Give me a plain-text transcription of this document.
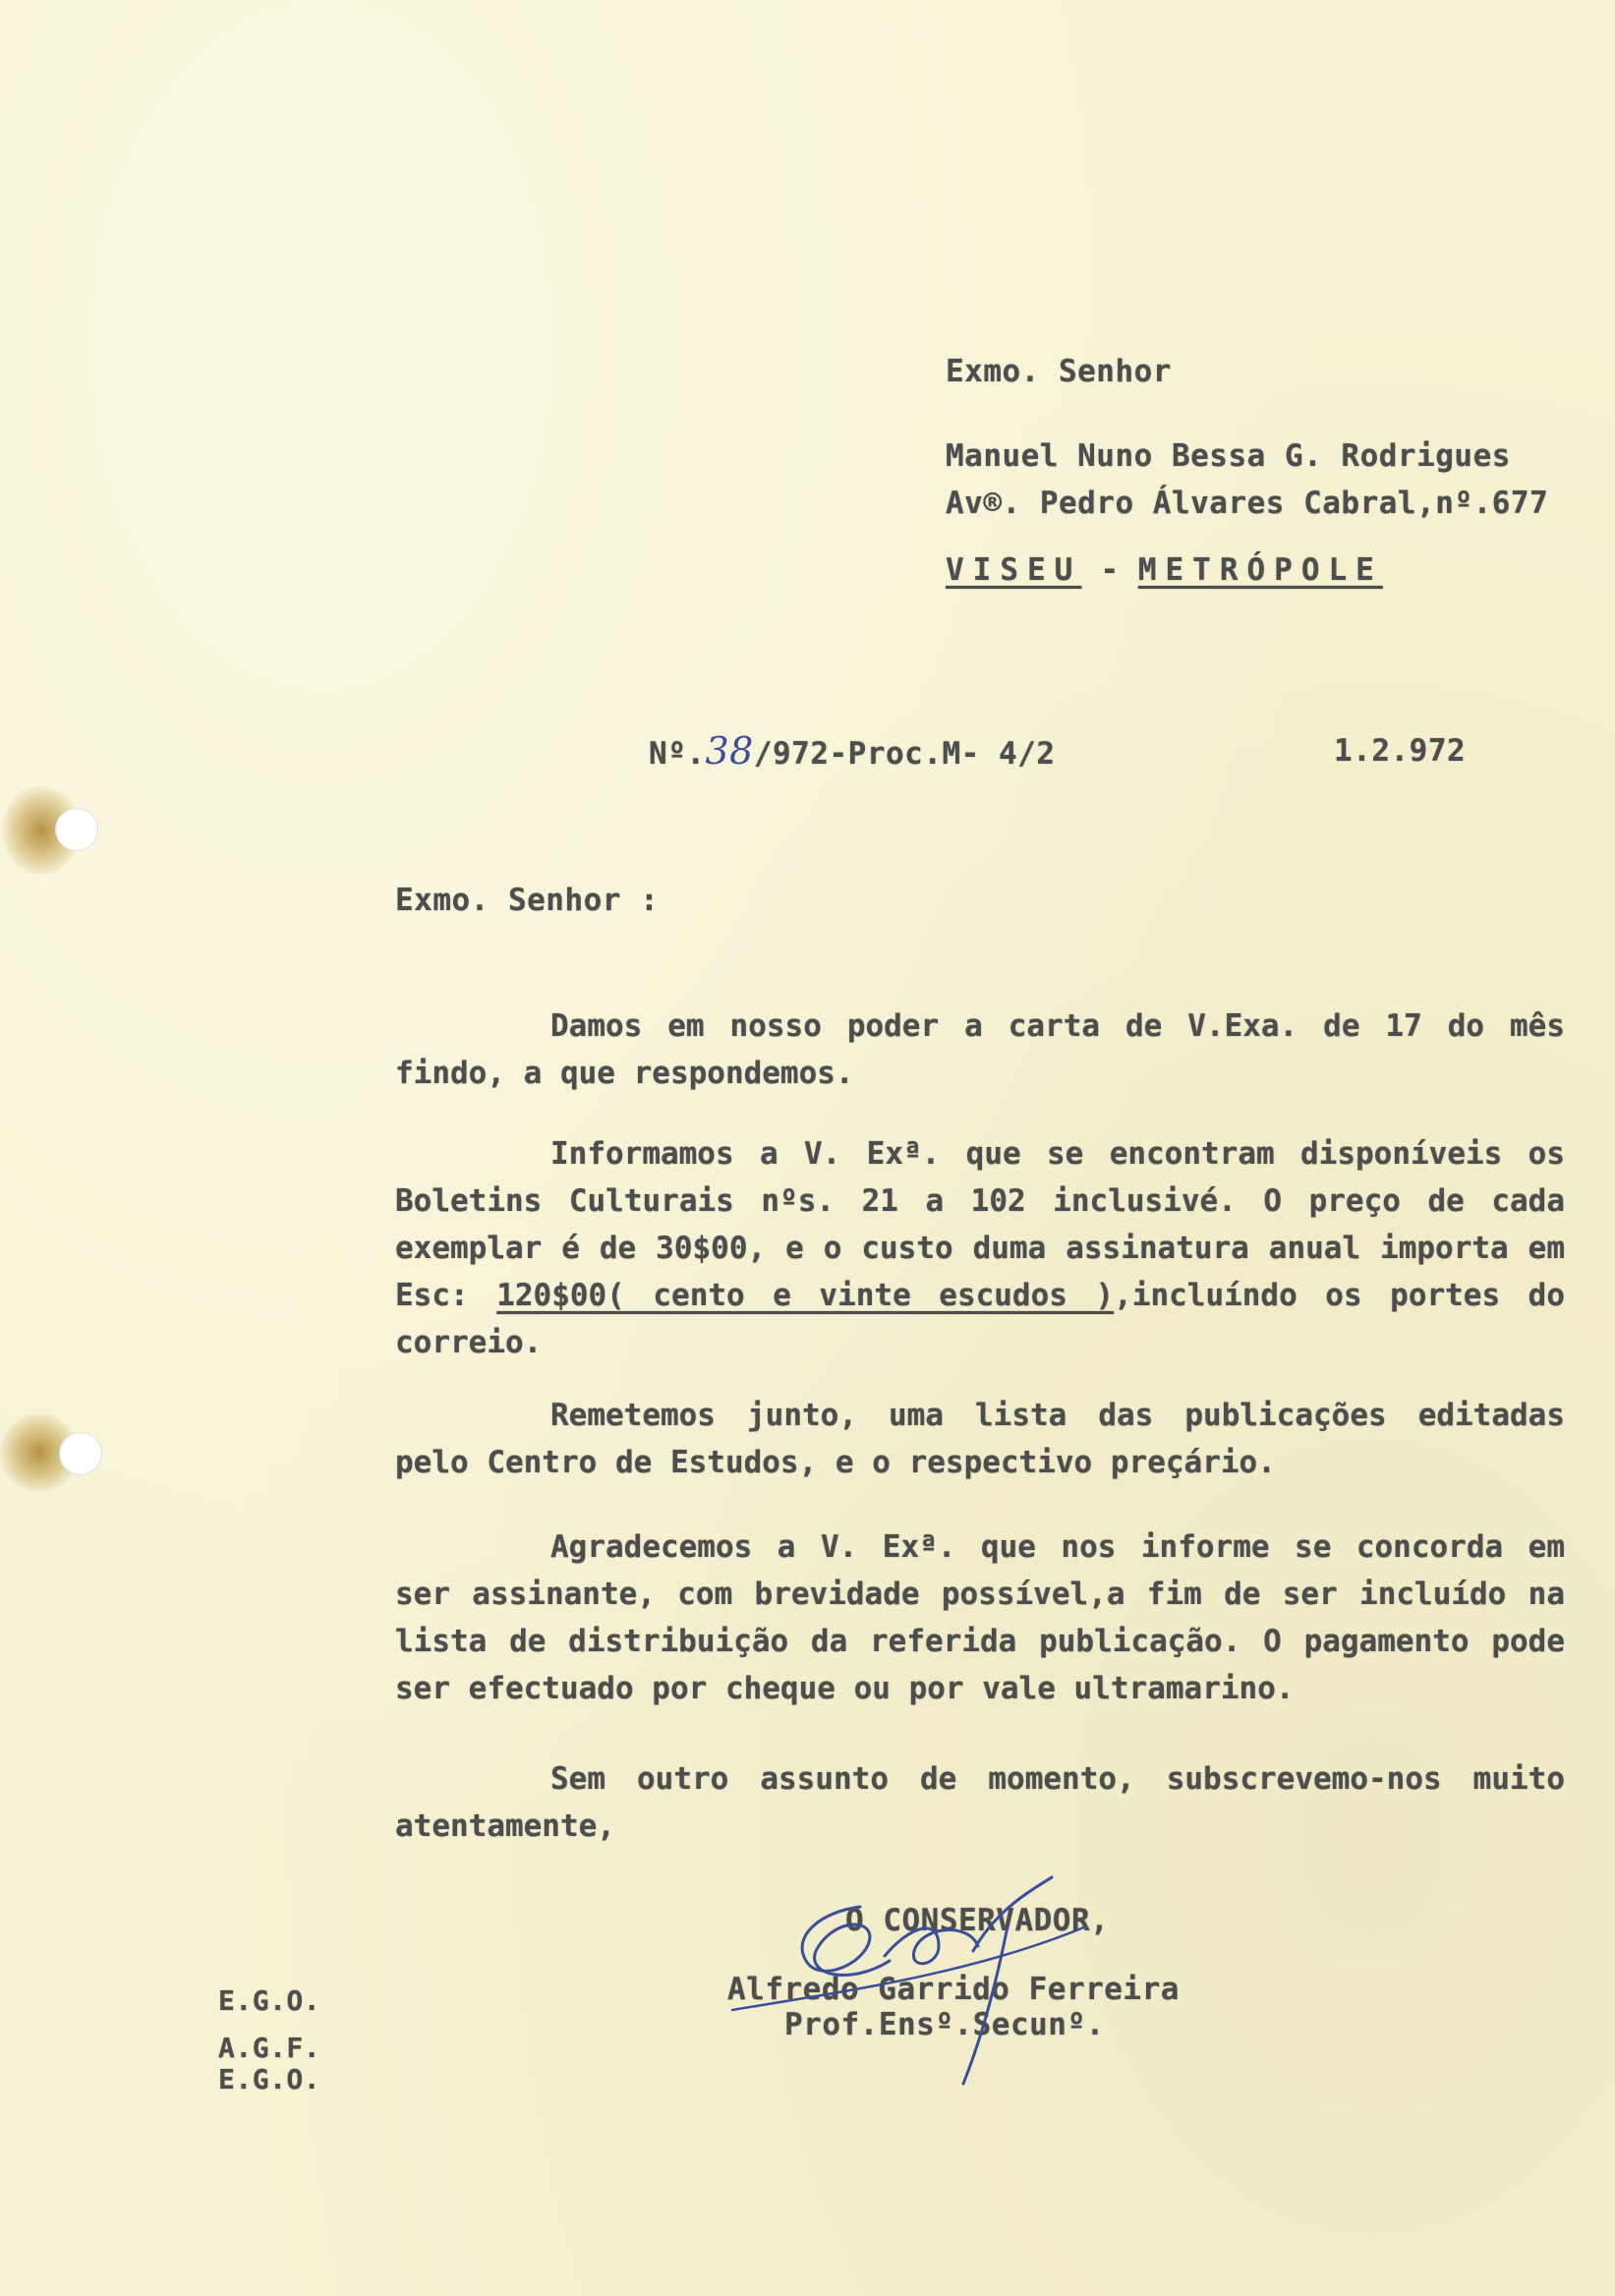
Exmo. Senhor
Manuel Nuno Bessa G. Rodrigues
Av®. Pedro Álvares Cabral,nº.677
VISEU - METRÓPOLE
Nº.38/972-Proc.M- 4/2	1.2.972
Exmo. Senhor :
Damos em nosso poder a carta de V.Exa. de 17 do mês findo, a que respondemos.
Informamos a V. Exª. que se encontram disponíveis os Boletins Culturais nºs. 21 a 102 inclusivé. O preço de cada exemplar é de 30$00, e o custo duma assinatura anual importa em Esc: 120$00( cento e vinte escudos ),incluíndo os portes do correio.
Remetemos junto, uma lista das publicações editadas pelo Centro de Estudos, e o respectivo preçário.
Agradecemos a V. Exª. que nos informe se concorda em ser assinante, com brevidade possível,a fim de ser incluído na lista de distribuição da referida publicação. O pagamento pode ser efectuado por cheque ou por vale ultramarino.
Sem outro assunto de momento, subscrevemo-nos muito atentamente,
O CONSERVADOR,
Alfredo Garrido Ferreira
Prof.Ensº.Secunº.
E.G.O.
A.G.F.
E.G.O.
